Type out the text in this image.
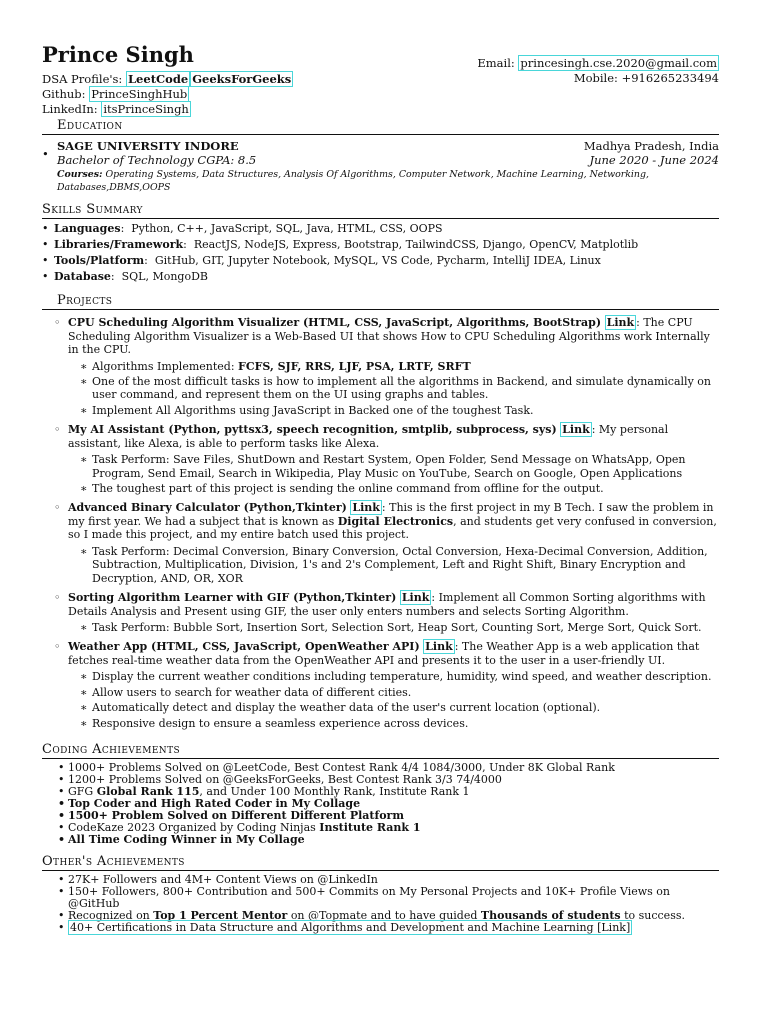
Prince Singh
DSA Profile's: LeetCode GeeksForGeeks
Github: PrinceSinghHub
LinkedIn: itsPrinceSingh
Email: princesingh.cse.2020@gmail.com
Mobile: +916265233494
Education
•
SAGE UNIVERSITY INDORE	Madhya Pradesh, India
Bachelor of Technology CGPA: 8.5	June 2020 - June 2024
Courses: Operating Systems, Data Structures, Analysis Of Algorithms, Computer Network, Machine Learning, Networking, Databases,DBMS,OOPS
Skills Summary
• Languages:  Python, C++, JavaScript, SQL, Java, HTML, CSS, OOPS
• Libraries/Framework:  ReactJS, NodeJS, Express, Bootstrap, TailwindCSS, Django, OpenCV, Matplotlib
• Tools/Platform:  GitHub, GIT, Jupyter Notebook, MySQL, VS Code, Pycharm, IntelliJ IDEA, Linux
• Database:  SQL, MongoDB
Projects
◦ CPU Scheduling Algorithm Visualizer (HTML, CSS, JavaScript, Algorithms, BootStrap) Link : The CPU Scheduling Algorithm Visualizer is a Web-Based UI that shows How to CPU Scheduling Algorithms work Internally in the CPU.
∗ Algorithms Implemented: FCFS, SJF, RRS, LJF, PSA, LRTF, SRFT
∗ One of the most difficult tasks is how to implement all the algorithms in Backend, and simulate dynamically on user command, and represent them on the UI using graphs and tables.
∗ Implement All Algorithms using JavaScript in Backed one of the toughest Task.
◦ My AI Assistant (Python, pyttsx3, speech recognition, smtplib, subprocess, sys) Link : My personal assistant, like Alexa, is able to perform tasks like Alexa.
∗ Task Perform: Save Files, ShutDown and Restart System, Open Folder, Send Message on WhatsApp, Open Program, Send Email, Search in Wikipedia, Play Music on YouTube, Search on Google, Open Applications
∗ The toughest part of this project is sending the online command from offline for the output.
◦ Advanced Binary Calculator (Python,Tkinter) Link : This is the first project in my B Tech. I saw the problem in my first year. We had a subject that is known as Digital Electronics, and students get very confused in conversion, so I made this project, and my entire batch used this project.
∗ Task Perform: Decimal Conversion, Binary Conversion, Octal Conversion, Hexa-Decimal Conversion, Addition, Subtraction, Multiplication, Division, 1's and 2's Complement, Left and Right Shift, Binary Encryption and Decryption, AND, OR, XOR
◦ Sorting Algorithm Learner with GIF (Python,Tkinter) Link : Implement all Common Sorting algorithms with Details Analysis and Present using GIF, the user only enters numbers and selects Sorting Algorithm.
∗ Task Perform: Bubble Sort, Insertion Sort, Selection Sort, Heap Sort, Counting Sort, Merge Sort, Quick Sort.
◦ Weather App (HTML, CSS, JavaScript, OpenWeather API) Link : The Weather App is a web application that fetches real-time weather data from the OpenWeather API and presents it to the user in a user-friendly UI.
∗ Display the current weather conditions including temperature, humidity, wind speed, and weather description.
∗ Allow users to search for weather data of different cities.
∗ Automatically detect and display the weather data of the user's current location (optional).
∗ Responsive design to ensure a seamless experience across devices.
Coding Achievements
• 1000+ Problems Solved on @LeetCode, Best Contest Rank 4/4 1084/3000, Under 8K Global Rank
• 1200+ Problems Solved on @GeeksForGeeks, Best Contest Rank 3/3 74/4000
• GFG Global Rank 115, and Under 100 Monthly Rank, Institute Rank 1
• Top Coder and High Rated Coder in My Collage
• 1500+ Problem Solved on Different Different Platform
• CodeKaze 2023 Organized by Coding Ninjas Institute Rank 1
• All Time Coding Winner in My Collage
Other's Achievements
• 27K+ Followers and 4M+ Content Views on @LinkedIn
• 150+ Followers, 800+ Contribution and 500+ Commits on My Personal Projects and 10K+ Profile Views on @GitHub
• Recognized on Top 1 Percent Mentor on @Topmate and to have guided Thousands of students to success.
• 40+ Certifications in Data Structure and Algorithms and Development and Machine Learning [Link]
